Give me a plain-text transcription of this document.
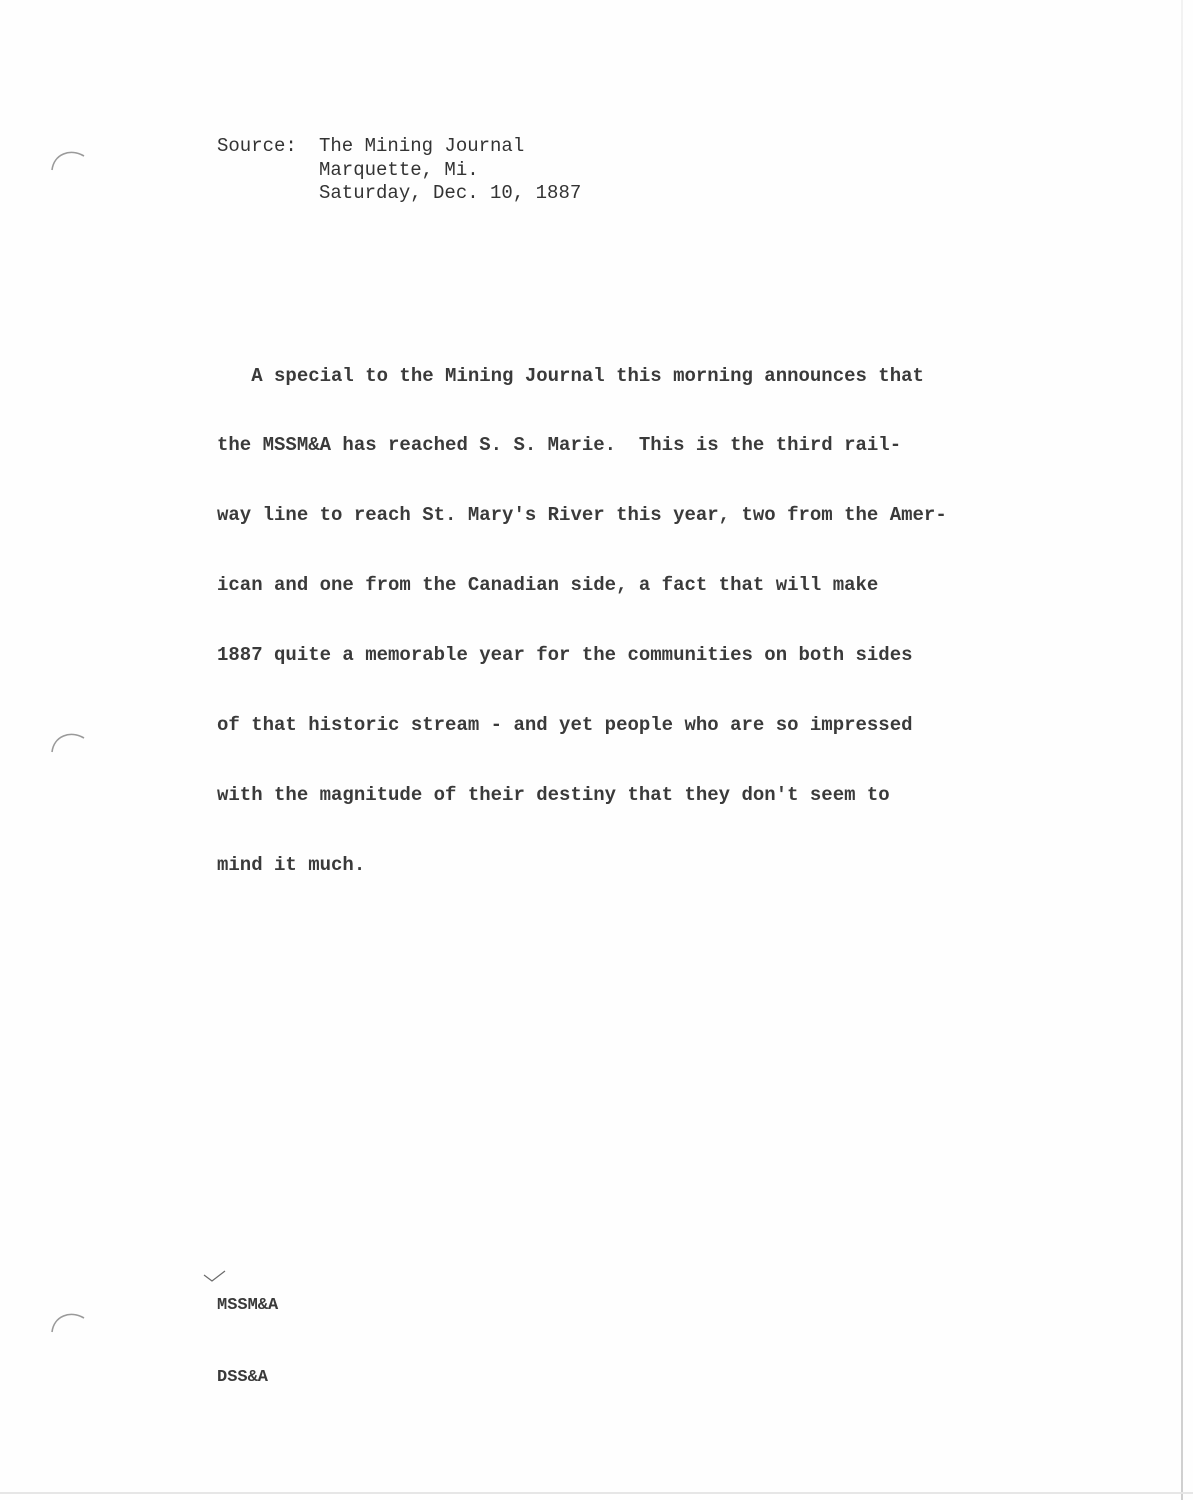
Source:	The Mining Journal
Marquette, Mi.
Saturday, Dec. 10, 1887

A special to the Mining Journal this morning announces that

the MSSM&A has reached S. S. Marie.  This is the third rail-

way line to reach St. Mary's River this year, two from the Amer-

ican and one from the Canadian side, a fact that will make

1887 quite a memorable year for the communities on both sides

of that historic stream - and yet people who are so impressed

with the magnitude of their destiny that they don't seem to

mind it much.

MSSM&A

DSS&A
